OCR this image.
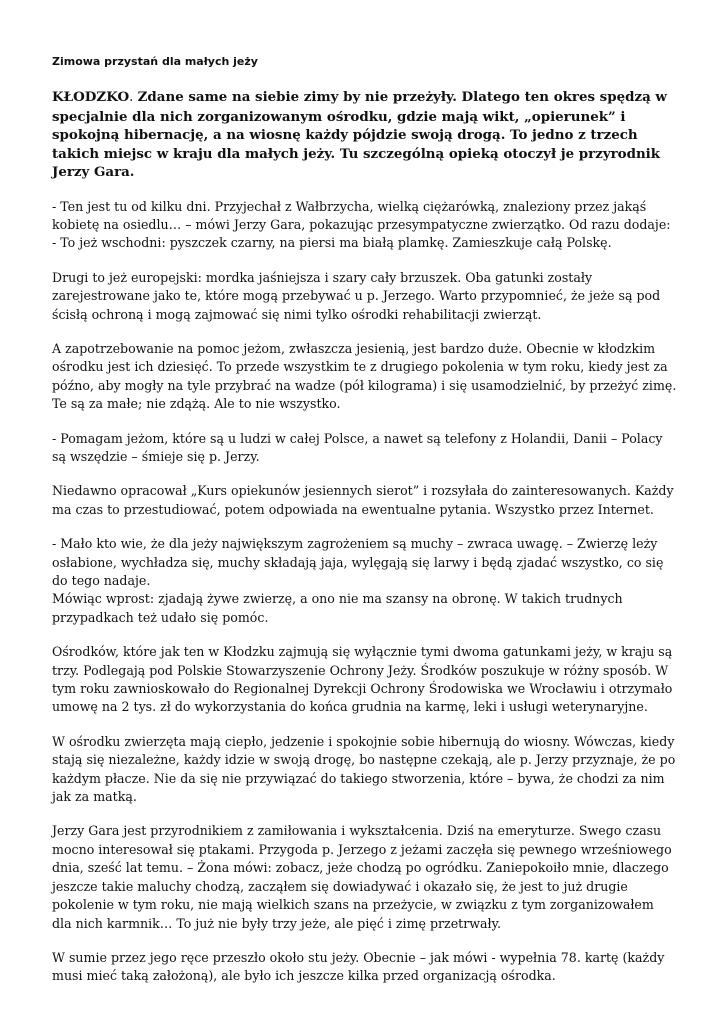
Zimowa przystań dla małych jeży

KŁODZKO. Zdane same na siebie zimy by nie przeżyły. Dlatego ten okres spędzą w specjalnie dla nich zorganizowanym ośrodku, gdzie mają wikt, „opierunek” i spokojną hibernację, a na wiosnę każdy pójdzie swoją drogą. To jedno z trzech takich miejsc w kraju dla małych jeży. Tu szczególną opieką otoczył je przyrodnik Jerzy Gara.

- Ten jest tu od kilku dni. Przyjechał z Wałbrzycha, wielką ciężarówką, znaleziony przez jakąś kobietę na osiedlu… – mówi Jerzy Gara, pokazując przesympatyczne zwierzątko. Od razu dodaje: - To jeż wschodni: pyszczek czarny, na piersi ma białą plamkę. Zamieszkuje całą Polskę.

Drugi to jeż europejski: mordka jaśniejsza i szary cały brzuszek. Oba gatunki zostały zarejestrowane jako te, które mogą przebywać u p. Jerzego. Warto przypomnieć, że jeże są pod ścisłą ochroną i mogą zajmować się nimi tylko ośrodki rehabilitacji zwierząt.

A zapotrzebowanie na pomoc jeżom, zwłaszcza jesienią, jest bardzo duże. Obecnie w kłodzkim ośrodku jest ich dziesięć. To przede wszystkim te z drugiego pokolenia w tym roku, kiedy jest za późno, aby mogły na tyle przybrać na wadze (pół kilograma) i się usamodzielnić, by przeżyć zimę. Te są za małe; nie zdążą. Ale to nie wszystko.

- Pomagam jeżom, które są u ludzi w całej Polsce, a nawet są telefony z Holandii, Danii – Polacy są wszędzie – śmieje się p. Jerzy.

Niedawno opracował „Kurs opiekunów jesiennych sierot” i rozsyłała do zainteresowanych. Każdy ma czas to przestudiować, potem odpowiada na ewentualne pytania. Wszystko przez Internet.

- Mało kto wie, że dla jeży największym zagrożeniem są muchy – zwraca uwagę. – Zwierzę leży osłabione, wychładza się, muchy składają jaja, wylęgają się larwy i będą zjadać wszystko, co się do tego nadaje.
Mówiąc wprost: zjadają żywe zwierzę, a ono nie ma szansy na obronę. W takich trudnych przypadkach też udało się pomóc.

Ośrodków, które jak ten w Kłodzku zajmują się wyłącznie tymi dwoma gatunkami jeży, w kraju są trzy. Podlegają pod Polskie Stowarzyszenie Ochrony Jeży. Środków poszukuje w różny sposób. W tym roku zawnioskowało do Regionalnej Dyrekcji Ochrony Środowiska we Wrocławiu i otrzymało umowę na 2 tys. zł do wykorzystania do końca grudnia na karmę, leki i usługi weterynaryjne.

W ośrodku zwierzęta mają ciepło, jedzenie i spokojnie sobie hibernują do wiosny. Wówczas, kiedy stają się niezależne, każdy idzie w swoją drogę, bo następne czekają, ale p. Jerzy przyznaje, że po każdym płacze. Nie da się nie przywiązać do takiego stworzenia, które – bywa, że chodzi za nim jak za matką.

Jerzy Gara jest przyrodnikiem z zamiłowania i wykształcenia. Dziś na emeryturze. Swego czasu mocno interesował się ptakami. Przygoda p. Jerzego z jeżami zaczęła się pewnego wrześniowego dnia, sześć lat temu. – Żona mówi: zobacz, jeże chodzą po ogródku. Zaniepokoiło mnie, dlaczego jeszcze takie maluchy chodzą, zacząłem się dowiadywać i okazało się, że jest to już drugie pokolenie w tym roku, nie mają wielkich szans na przeżycie, w związku z tym zorganizowałem dla nich karmnik… To już nie były trzy jeże, ale pięć i zimę przetrwały.

W sumie przez jego ręce przeszło około stu jeży. Obecnie – jak mówi - wypełnia 78. kartę (każdy musi mieć taką założoną), ale było ich jeszcze kilka przed organizacją ośrodka.
